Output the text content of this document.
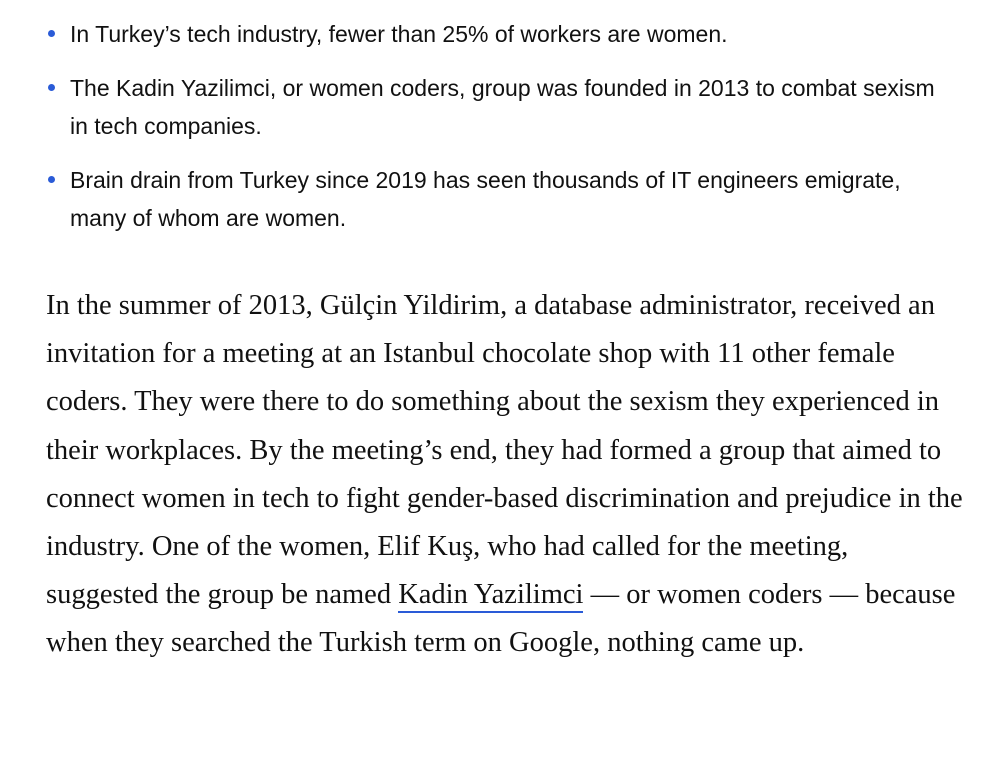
In Turkey’s tech industry, fewer than 25% of workers are women.
The Kadin Yazilimci, or women coders, group was founded in 2013 to combat sexism in tech companies.
Brain drain from Turkey since 2019 has seen thousands of IT engineers emigrate, many of whom are women.

In the summer of 2013, Gülçin Yildirim, a database administrator, received an invitation for a meeting at an Istanbul chocolate shop with 11 other female coders. They were there to do something about the sexism they experienced in their workplaces. By the meeting’s end, they had formed a group that aimed to connect women in tech to fight gender-based discrimination and prejudice in the industry. One of the women, Elif Kuş, who had called for the meeting, suggested the group be named Kadin Yazilimci — or women coders — because when they searched the Turkish term on Google, nothing came up.
